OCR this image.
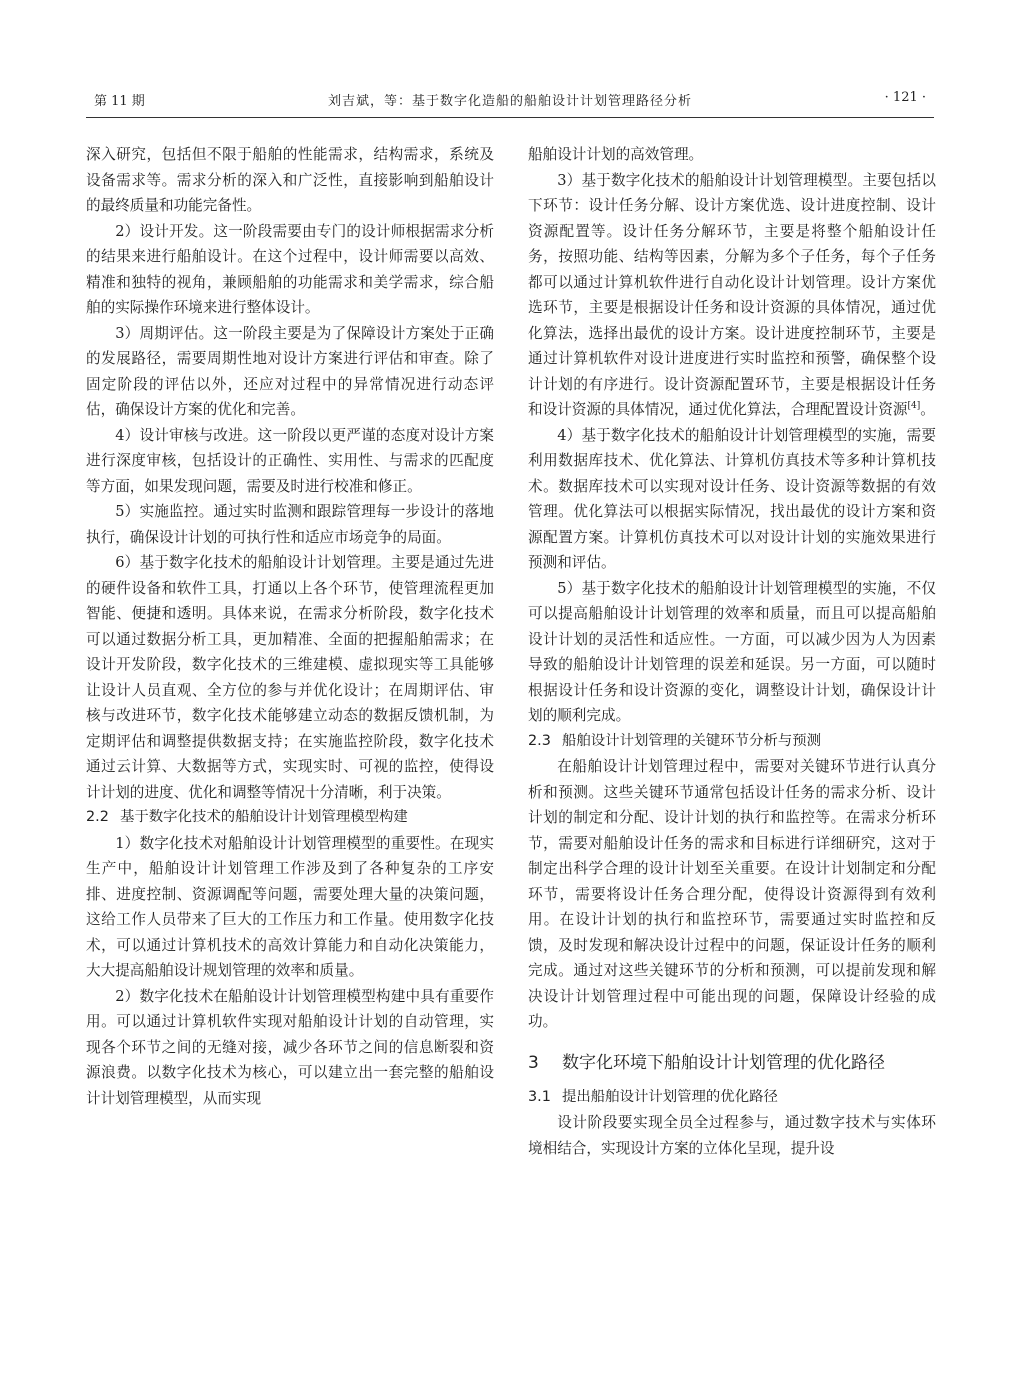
第 11 期	刘吉斌，等：基于数字化造船的船舶设计计划管理路径分析	· 121 ·

深入研究，包括但不限于船舶的性能需求，结构需求，系统及设备需求等。需求分析的深入和广泛性，直接影响到船舶设计的最终质量和功能完备性。

2）设计开发。这一阶段需要由专门的设计师根据需求分析的结果来进行船舶设计。在这个过程中，设计师需要以高效、精准和独特的视角，兼顾船舶的功能需求和美学需求，综合船舶的实际操作环境来进行整体设计。

3）周期评估。这一阶段主要是为了保障设计方案处于正确的发展路径，需要周期性地对设计方案进行评估和审查。除了固定阶段的评估以外，还应对过程中的异常情况进行动态评估，确保设计方案的优化和完善。

4）设计审核与改进。这一阶段以更严谨的态度对设计方案进行深度审核，包括设计的正确性、实用性、与需求的匹配度等方面，如果发现问题，需要及时进行校准和修正。

5）实施监控。通过实时监测和跟踪管理每一步设计的落地执行，确保设计计划的可执行性和适应市场竞争的局面。

6）基于数字化技术的船舶设计计划管理。主要是通过先进的硬件设备和软件工具，打通以上各个环节，使管理流程更加智能、便捷和透明。具体来说，在需求分析阶段，数字化技术可以通过数据分析工具，更加精准、全面的把握船舶需求；在设计开发阶段，数字化技术的三维建模、虚拟现实等工具能够让设计人员直观、全方位的参与并优化设计；在周期评估、审核与改进环节，数字化技术能够建立动态的数据反馈机制，为定期评估和调整提供数据支持；在实施监控阶段，数字化技术通过云计算、大数据等方式，实现实时、可视的监控，使得设计计划的进度、优化和调整等情况十分清晰，利于决策。

2.2 基于数字化技术的船舶设计计划管理模型构建

1）数字化技术对船舶设计计划管理模型的重要性。在现实生产中，船舶设计计划管理工作涉及到了各种复杂的工序安排、进度控制、资源调配等问题，需要处理大量的决策问题，这给工作人员带来了巨大的工作压力和工作量。使用数字化技术，可以通过计算机技术的高效计算能力和自动化决策能力，大大提高船舶设计规划管理的效率和质量。

2）数字化技术在船舶设计计划管理模型构建中具有重要作用。可以通过计算机软件实现对船舶设计计划的自动管理，实现各个环节之间的无缝对接，减少各环节之间的信息断裂和资源浪费。以数字化技术为核心，可以建立出一套完整的船舶设计计划管理模型，从而实现

船舶设计计划的高效管理。

3）基于数字化技术的船舶设计计划管理模型。主要包括以下环节：设计任务分解、设计方案优选、设计进度控制、设计资源配置等。设计任务分解环节，主要是将整个船舶设计任务，按照功能、结构等因素，分解为多个子任务，每个子任务都可以通过计算机软件进行自动化设计计划管理。设计方案优选环节，主要是根据设计任务和设计资源的具体情况，通过优化算法，选择出最优的设计方案。设计进度控制环节，主要是通过计算机软件对设计进度进行实时监控和预警，确保整个设计计划的有序进行。设计资源配置环节，主要是根据设计任务和设计资源的具体情况，通过优化算法，合理配置设计资源[4]。

4）基于数字化技术的船舶设计计划管理模型的实施，需要利用数据库技术、优化算法、计算机仿真技术等多种计算机技术。数据库技术可以实现对设计任务、设计资源等数据的有效管理。优化算法可以根据实际情况，找出最优的设计方案和资源配置方案。计算机仿真技术可以对设计计划的实施效果进行预测和评估。

5）基于数字化技术的船舶设计计划管理模型的实施，不仅可以提高船舶设计计划管理的效率和质量，而且可以提高船舶设计计划的灵活性和适应性。一方面，可以减少因为人为因素导致的船舶设计计划管理的误差和延误。另一方面，可以随时根据设计任务和设计资源的变化，调整设计计划，确保设计计划的顺利完成。

2.3 船舶设计计划管理的关键环节分析与预测

在船舶设计计划管理过程中，需要对关键环节进行认真分析和预测。这些关键环节通常包括设计任务的需求分析、设计计划的制定和分配、设计计划的执行和监控等。在需求分析环节，需要对船舶设计任务的需求和目标进行详细研究，这对于制定出科学合理的设计计划至关重要。在设计计划制定和分配环节，需要将设计任务合理分配，使得设计资源得到有效利用。在设计计划的执行和监控环节，需要通过实时监控和反馈，及时发现和解决设计过程中的问题，保证设计任务的顺利完成。通过对这些关键环节的分析和预测，可以提前发现和解决设计计划管理过程中可能出现的问题，保障设计经验的成功。

3 数字化环境下船舶设计计划管理的优化路径
3.1 提出船舶设计计划管理的优化路径

设计阶段要实现全员全过程参与，通过数字技术与实体环境相结合，实现设计方案的立体化呈现，提升设
